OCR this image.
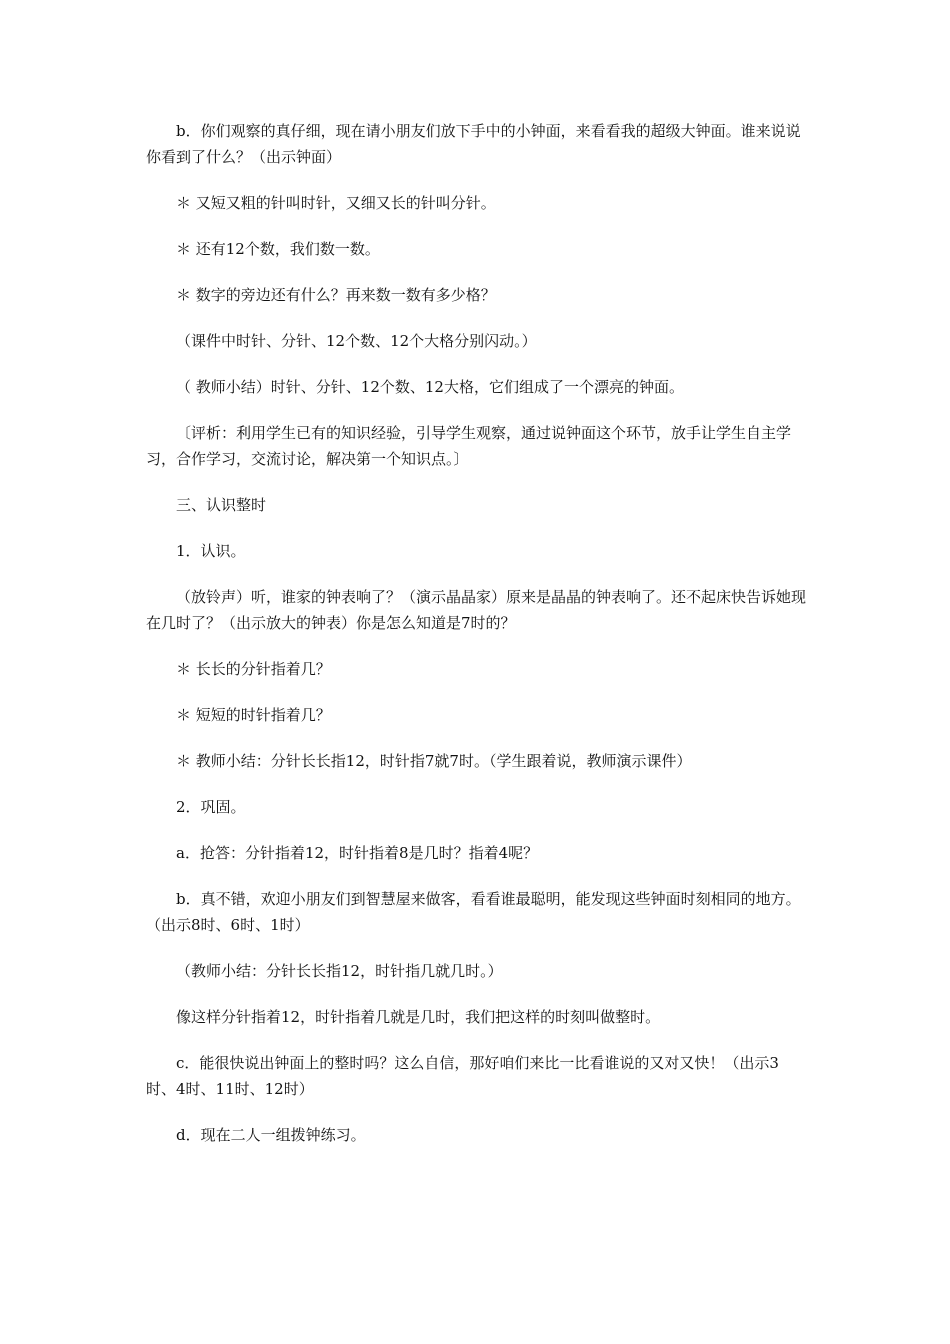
b．你们观察的真仔细，现在请小朋友们放下手中的小钟面，来看看我的超级大钟面。谁来说说你看到了什么？（出示钟面）

＊ 又短又粗的针叫时针，又细又长的针叫分针。

＊ 还有12个数，我们数一数。

＊ 数字的旁边还有什么？再来数一数有多少格？

（课件中时针、分针、12个数、12个大格分别闪动。）

（ 教师小结）时针、分针、12个数、12大格，它们组成了一个漂亮的钟面。

〔评析：利用学生已有的知识经验，引导学生观察，通过说钟面这个环节，放手让学生自主学习，合作学习，交流讨论，解决第一个知识点。〕

三、认识整时

1．认识。

（放铃声）听，谁家的钟表响了？（演示晶晶家）原来是晶晶的钟表响了。还不起床快告诉她现在几时了？（出示放大的钟表）你是怎么知道是7时的？

＊ 长长的分针指着几？

＊ 短短的时针指着几？

＊ 教师小结：分针长长指12，时针指7就7时。（学生跟着说，教师演示课件）

2．巩固。

a．抢答：分针指着12，时针指着8是几时？指着4呢？

b．真不错，欢迎小朋友们到智慧屋来做客，看看谁最聪明，能发现这些钟面时刻相同的地方。（出示8时、6时、1时）

（教师小结：分针长长指12，时针指几就几时。）

像这样分针指着12，时针指着几就是几时，我们把这样的时刻叫做整时。

c．能很快说出钟面上的整时吗？这么自信，那好咱们来比一比看谁说的又对又快！（出示3时、4时、11时、12时）

d．现在二人一组拨钟练习。
